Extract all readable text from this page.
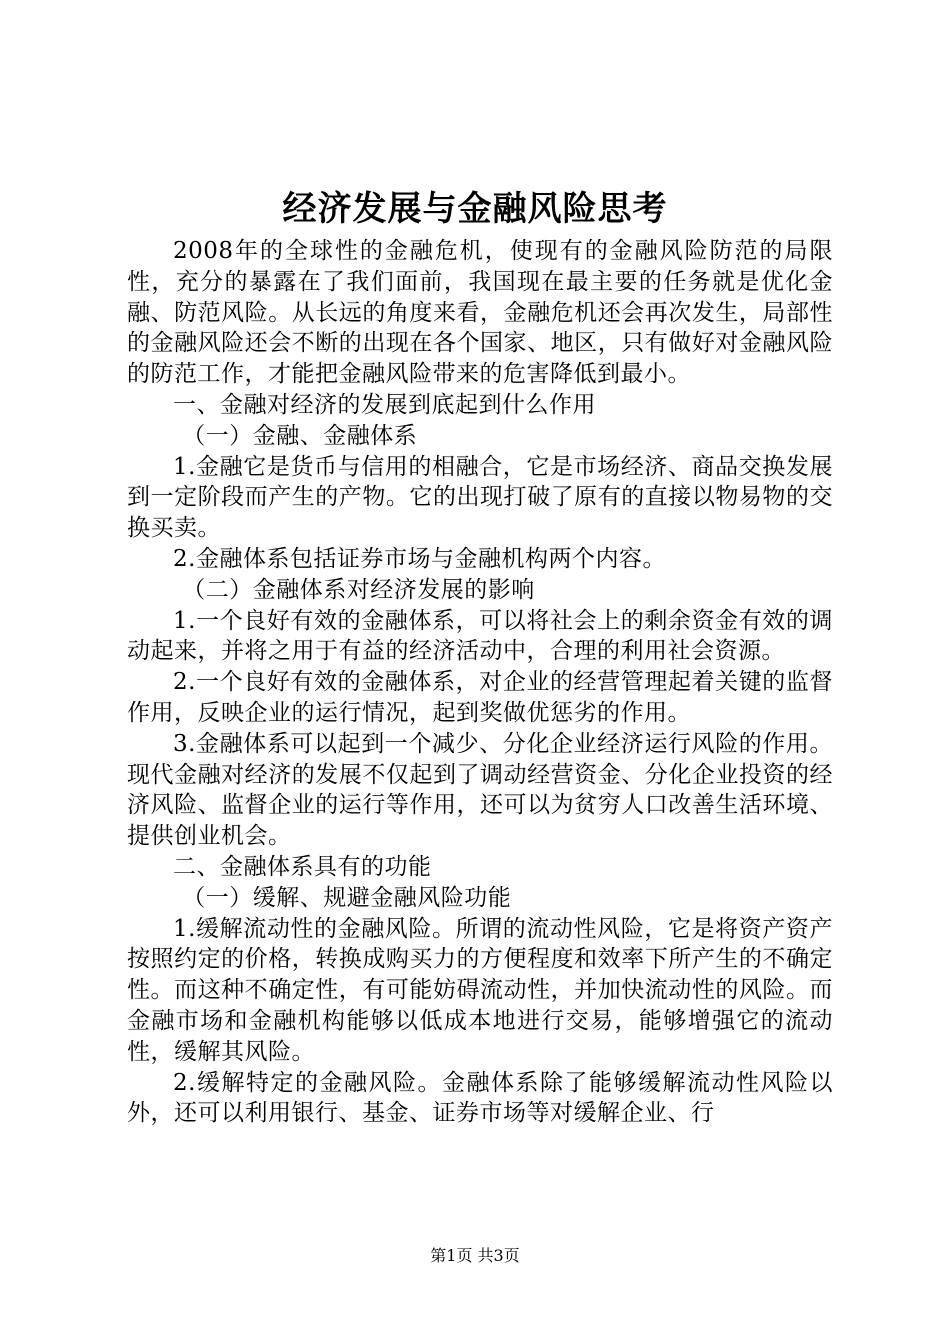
经济发展与金融风险思考

2008年的全球性的金融危机，使现有的金融风险防范的局限性，充分的暴露在了我们面前，我国现在最主要的任务就是优化金融、防范风险。从长远的角度来看，金融危机还会再次发生，局部性的金融风险还会不断的出现在各个国家、地区，只有做好对金融风险的防范工作，才能把金融风险带来的危害降低到最小。

一、金融对经济的发展到底起到什么作用

（一）金融、金融体系

1.金融它是货币与信用的相融合，它是市场经济、商品交换发展到一定阶段而产生的产物。它的出现打破了原有的直接以物易物的交换买卖。

2.金融体系包括证券市场与金融机构两个内容。

（二）金融体系对经济发展的影响

1.一个良好有效的金融体系，可以将社会上的剩余资金有效的调动起来，并将之用于有益的经济活动中，合理的利用社会资源。

2.一个良好有效的金融体系，对企业的经营管理起着关键的监督作用，反映企业的运行情况，起到奖做优惩劣的作用。

3.金融体系可以起到一个减少、分化企业经济运行风险的作用。现代金融对经济的发展不仅起到了调动经营资金、分化企业投资的经济风险、监督企业的运行等作用，还可以为贫穷人口改善生活环境、提供创业机会。

二、金融体系具有的功能

（一）缓解、规避金融风险功能

1.缓解流动性的金融风险。所谓的流动性风险，它是将资产资产按照约定的价格，转换成购买力的方便程度和效率下所产生的不确定性。而这种不确定性，有可能妨碍流动性，并加快流动性的风险。而金融市场和金融机构能够以低成本地进行交易，能够增强它的流动性，缓解其风险。

2.缓解特定的金融风险。金融体系除了能够缓解流动性风险以外，还可以利用银行、基金、证券市场等对缓解企业、行

第1页 共3页
